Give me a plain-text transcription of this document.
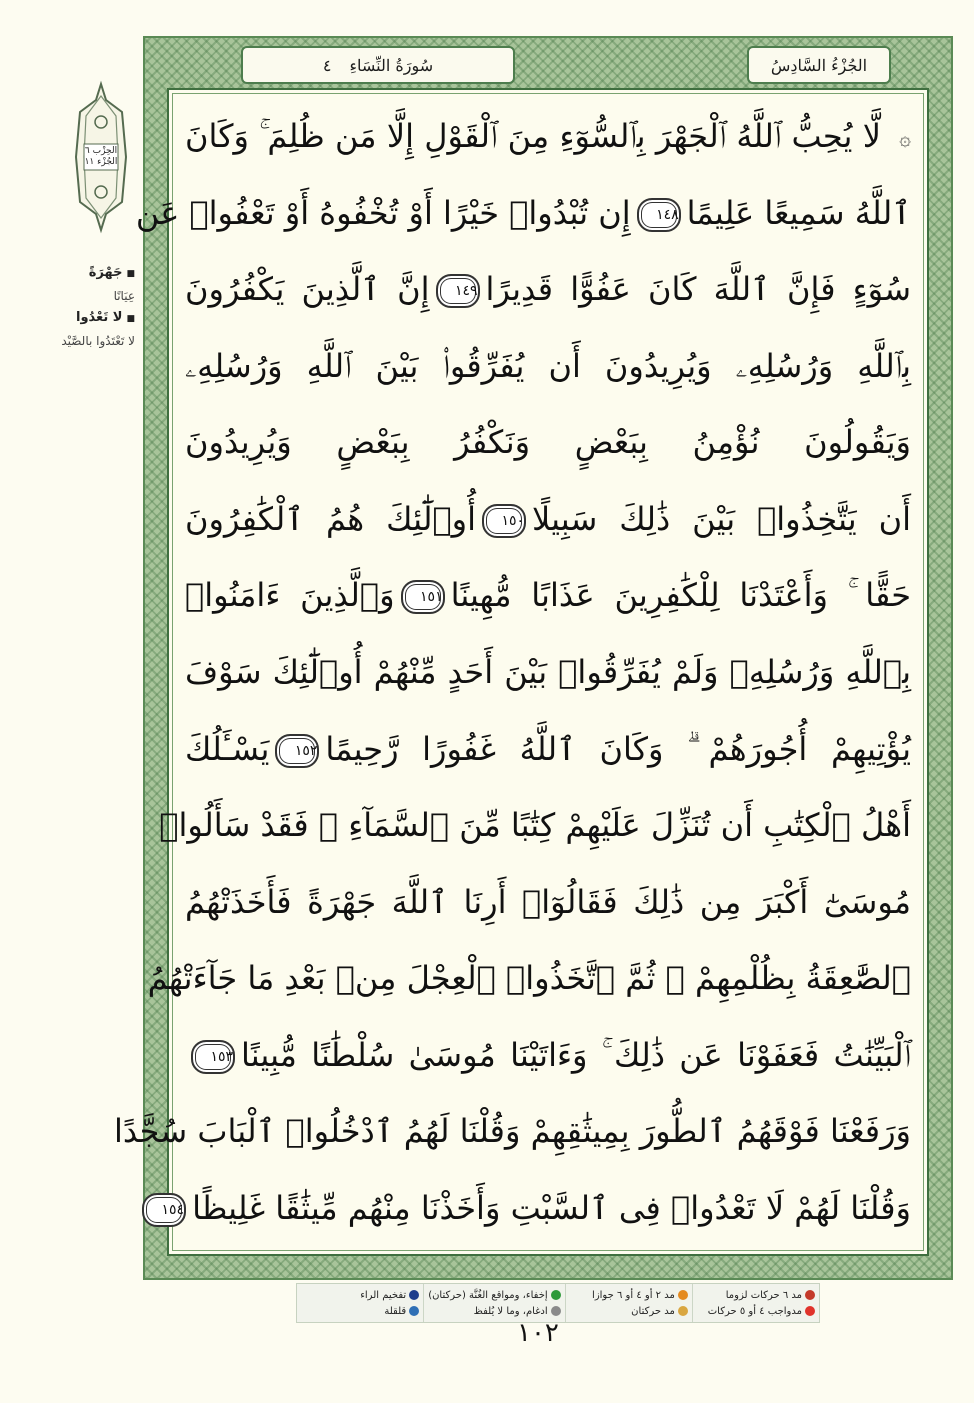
الحِزْب ٦
الجُزْء ١١
■ جَهْرَةً
عِيَانًا
■ لا تَعْدُوا
لا تَعْتَدُوا بالصَّيْد
٤ سُورَةُ النِّسَاءِ	الجُزْءُ السَّادِسُ
۞لَّا يُحِبُّ ٱللَّهُ ٱلْجَهْرَ بِٱلسُّوٓءِ مِنَ ٱلْقَوْلِ إِلَّا مَن ظُلِمَ ۚ وَكَانَ
ٱللَّهُ سَمِيعًا عَلِيمًا١٤٨إِن تُبْدُوا۟ خَيْرًا أَوْ تُخْفُوهُ أَوْ تَعْفُوا۟ عَن
سُوٓءٍ فَإِنَّ ٱللَّهَ كَانَ عَفُوًّا قَدِيرًا١٤٩إِنَّ ٱلَّذِينَ يَكْفُرُونَ
بِٱللَّهِ وَرُسُلِهِۦ وَيُرِيدُونَ أَن يُفَرِّقُوا۟ بَيْنَ ٱللَّهِ وَرُسُلِهِۦ
وَيَقُولُونَ نُؤْمِنُ بِبَعْضٍ وَنَكْفُرُ بِبَعْضٍ وَيُرِيدُونَ
أَن يَتَّخِذُوا۟ بَيْنَ ذَٰلِكَ سَبِيلًا١٥٠أُو۟لَٰٓئِكَ هُمُ ٱلْكَٰفِرُونَ
حَقًّا ۚ وَأَعْتَدْنَا لِلْكَٰفِرِينَ عَذَابًا مُّهِينًا١٥١وَٱلَّذِينَ ءَامَنُوا۟
بِٱللَّهِ وَرُسُلِهِۦ وَلَمْ يُفَرِّقُوا۟ بَيْنَ أَحَدٍ مِّنْهُمْ أُو۟لَٰٓئِكَ سَوْفَ
يُؤْتِيهِمْ أُجُورَهُمْ ۗ وَكَانَ ٱللَّهُ غَفُورًا رَّحِيمًا١٥٢يَسْـَٔلُكَ
أَهْلُ ٱلْكِتَٰبِ أَن تُنَزِّلَ عَلَيْهِمْ كِتَٰبًا مِّنَ ٱلسَّمَآءِ ۚ فَقَدْ سَأَلُوا۟
مُوسَىٰٓ أَكْبَرَ مِن ذَٰلِكَ فَقَالُوٓا۟ أَرِنَا ٱللَّهَ جَهْرَةً فَأَخَذَتْهُمُ
ٱلصَّٰعِقَةُ بِظُلْمِهِمْ ۚ ثُمَّ ٱتَّخَذُوا۟ ٱلْعِجْلَ مِنۢ بَعْدِ مَا جَآءَتْهُمُ
ٱلْبَيِّنَٰتُ فَعَفَوْنَا عَن ذَٰلِكَ ۚ وَءَاتَيْنَا مُوسَىٰ سُلْطَٰنًا مُّبِينًا١٥٣
وَرَفَعْنَا فَوْقَهُمُ ٱلطُّورَ بِمِيثَٰقِهِمْ وَقُلْنَا لَهُمُ ٱدْخُلُوا۟ ٱلْبَابَ سُجَّدًا
وَقُلْنَا لَهُمْ لَا تَعْدُوا۟ فِى ٱلسَّبْتِ وَأَخَذْنَا مِنْهُم مِّيثَٰقًا غَلِيظًا١٥٤
مد ٦ حركات لزوما
مدواجب ٤ أو ٥ حركات
مد ٢ أو ٤ أو ٦ جوازا
مد حركتان
إخفاء، ومواقع الغُنَّة (حركتان)
ادغام، وما لا يُلفظ
تفخيم الراء
قلقلة
١٠٢
